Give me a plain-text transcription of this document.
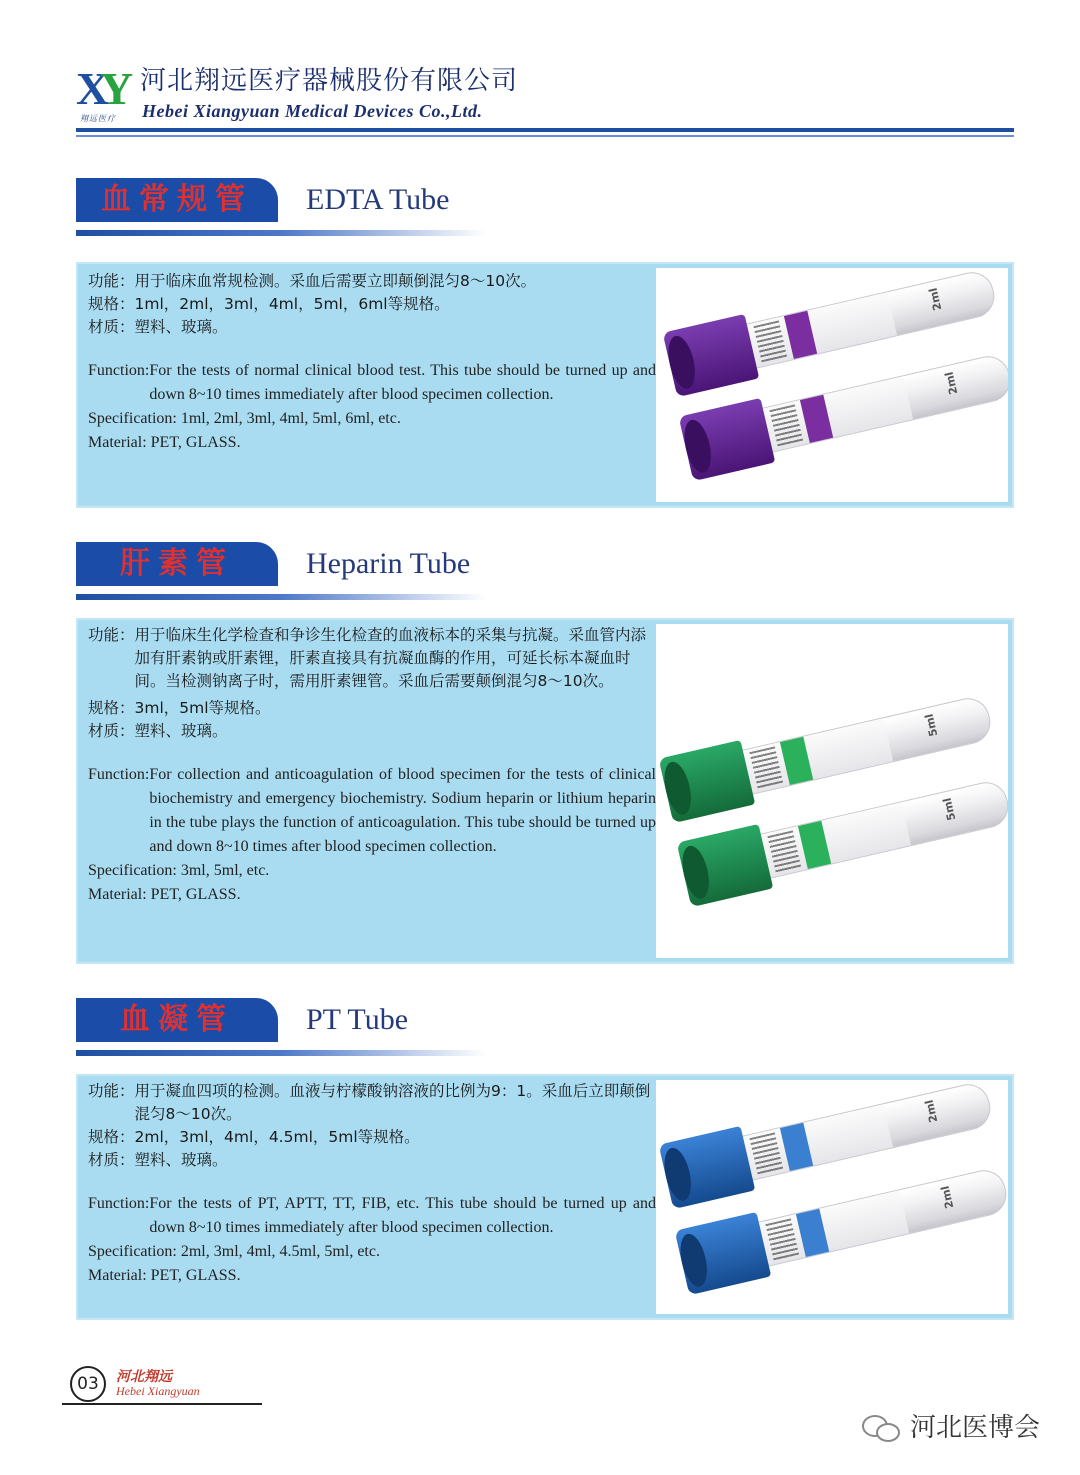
X
Y
翔远医疗
河北翔远医疗器械股份有限公司
Hebei Xiangyuan Medical Devices Co.,Ltd.
血常规管	EDTA Tube
功能： 用于临床血常规检测。采血后需要立即颠倒混匀8～10次。
规格： 1ml，2ml，3ml，4ml，5ml，6ml等规格。
材质： 塑料、玻璃。
Function: For the tests of normal clinical blood test. This tube should be turned up and down 8~10 times immediately after blood specimen collection.
Specification: 1ml, 2ml, 3ml, 4ml, 5ml, 6ml, etc.
Material: PET, GLASS.
2ml
2ml
肝素管	Heparin Tube
功能： 用于临床生化学检查和争诊生化检查的血液标本的采集与抗凝。采血管内添加有肝素钠或肝素锂，肝素直接具有抗凝血酶的作用，可延长标本凝血时间。当检测钠离子时，需用肝素锂管。采血后需要颠倒混匀8～10次。
规格： 3ml，5ml等规格。
材质： 塑料、玻璃。
Function: For collection and anticoagulation of blood specimen for the tests of clinical biochemistry and emergency biochemistry. Sodium heparin or lithium heparin in the tube plays the function of anticoagulation. This tube should be turned up and down 8~10 times after blood specimen collection.
Specification: 3ml, 5ml, etc.
Material: PET, GLASS.
5ml
5ml
血凝管	PT Tube
功能： 用于凝血四项的检测。血液与柠檬酸钠溶液的比例为9：1。采血后立即颠倒混匀8～10次。
规格： 2ml，3ml，4ml，4.5ml，5ml等规格。
材质： 塑料、玻璃。
Function: For the tests of PT, APTT, TT, FIB, etc. This tube should be turned up and down 8~10 times immediately after blood specimen collection.
Specification: 2ml, 3ml, 4ml, 4.5ml, 5ml, etc.
Material: PET, GLASS.
2ml
2ml
03	河北翔远
Hebei Xiangyuan
河北医博会
